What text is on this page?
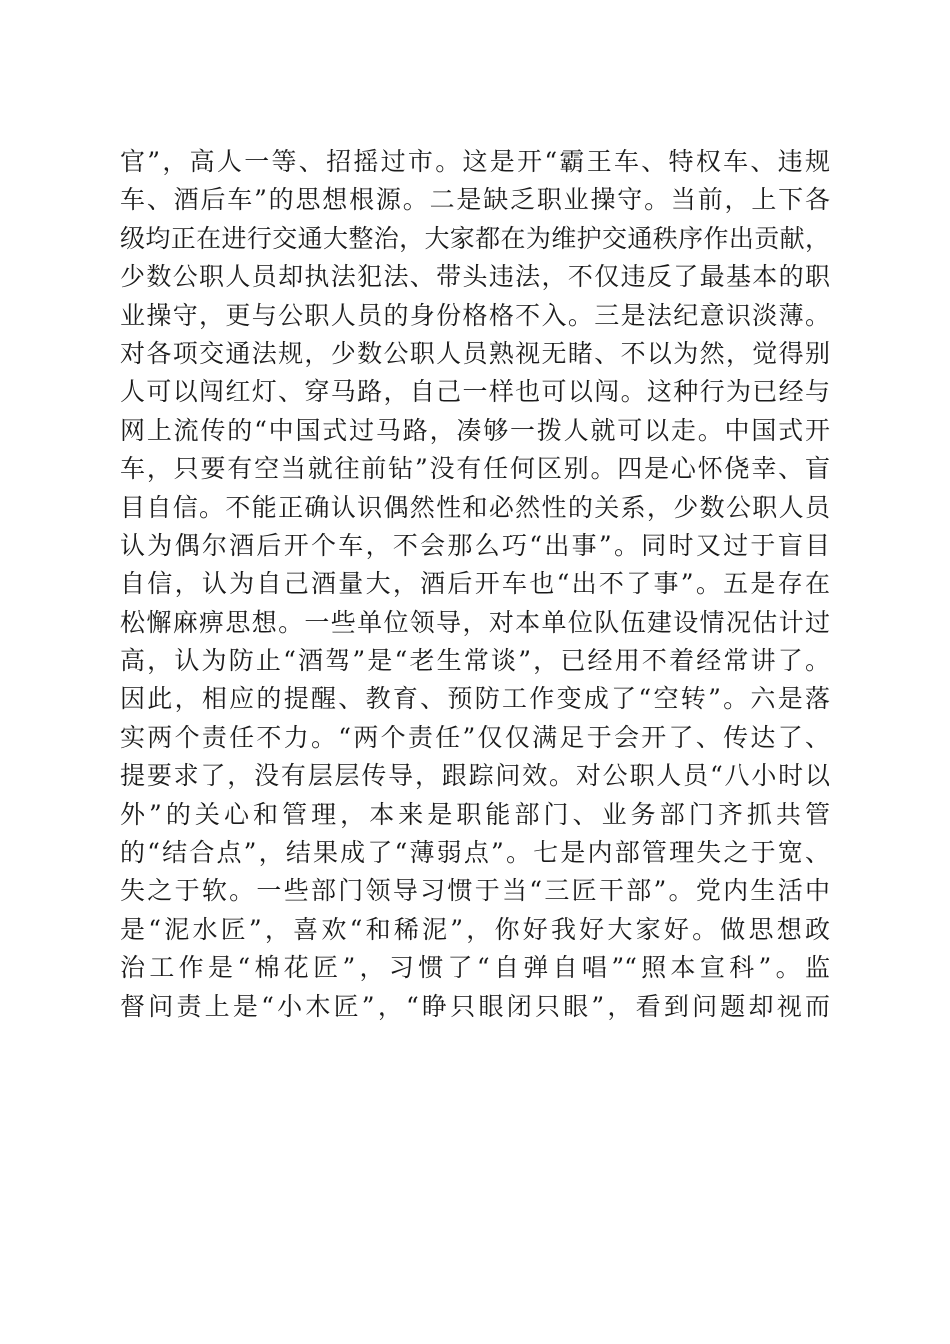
官”，高人一等、招摇过市。这是开“霸王车、特权车、违规
车、酒后车”的思想根源。二是缺乏职业操守。当前，上下各
级均正在进行交通大整治，大家都在为维护交通秩序作出贡献，
少数公职人员却执法犯法、带头违法，不仅违反了最基本的职
业操守，更与公职人员的身份格格不入。三是法纪意识淡薄。
对各项交通法规，少数公职人员熟视无睹、不以为然，觉得别
人可以闯红灯、穿马路，自己一样也可以闯。这种行为已经与
网上流传的“中国式过马路，凑够一拨人就可以走。中国式开
车，只要有空当就往前钻”没有任何区别。四是心怀侥幸、盲
目自信。不能正确认识偶然性和必然性的关系，少数公职人员
认为偶尔酒后开个车，不会那么巧“出事”。同时又过于盲目
自信，认为自己酒量大，酒后开车也“出不了事”。五是存在
松懈麻痹思想。一些单位领导，对本单位队伍建设情况估计过
高，认为防止“酒驾”是“老生常谈”，已经用不着经常讲了。
因此，相应的提醒、教育、预防工作变成了“空转”。六是落
实两个责任不力。“两个责任”仅仅满足于会开了、传达了、
提要求了，没有层层传导，跟踪问效。对公职人员“八小时以
外”的关心和管理，本来是职能部门、业务部门齐抓共管
的“结合点”，结果成了“薄弱点”。七是内部管理失之于宽、
失之于软。一些部门领导习惯于当“三匠干部”。党内生活中
是“泥水匠”，喜欢“和稀泥”，你好我好大家好。做思想政
治工作是“棉花匠”，习惯了“自弹自唱”“照本宣科”。监
督问责上是“小木匠”，“睁只眼闭只眼”，看到问题却视而
